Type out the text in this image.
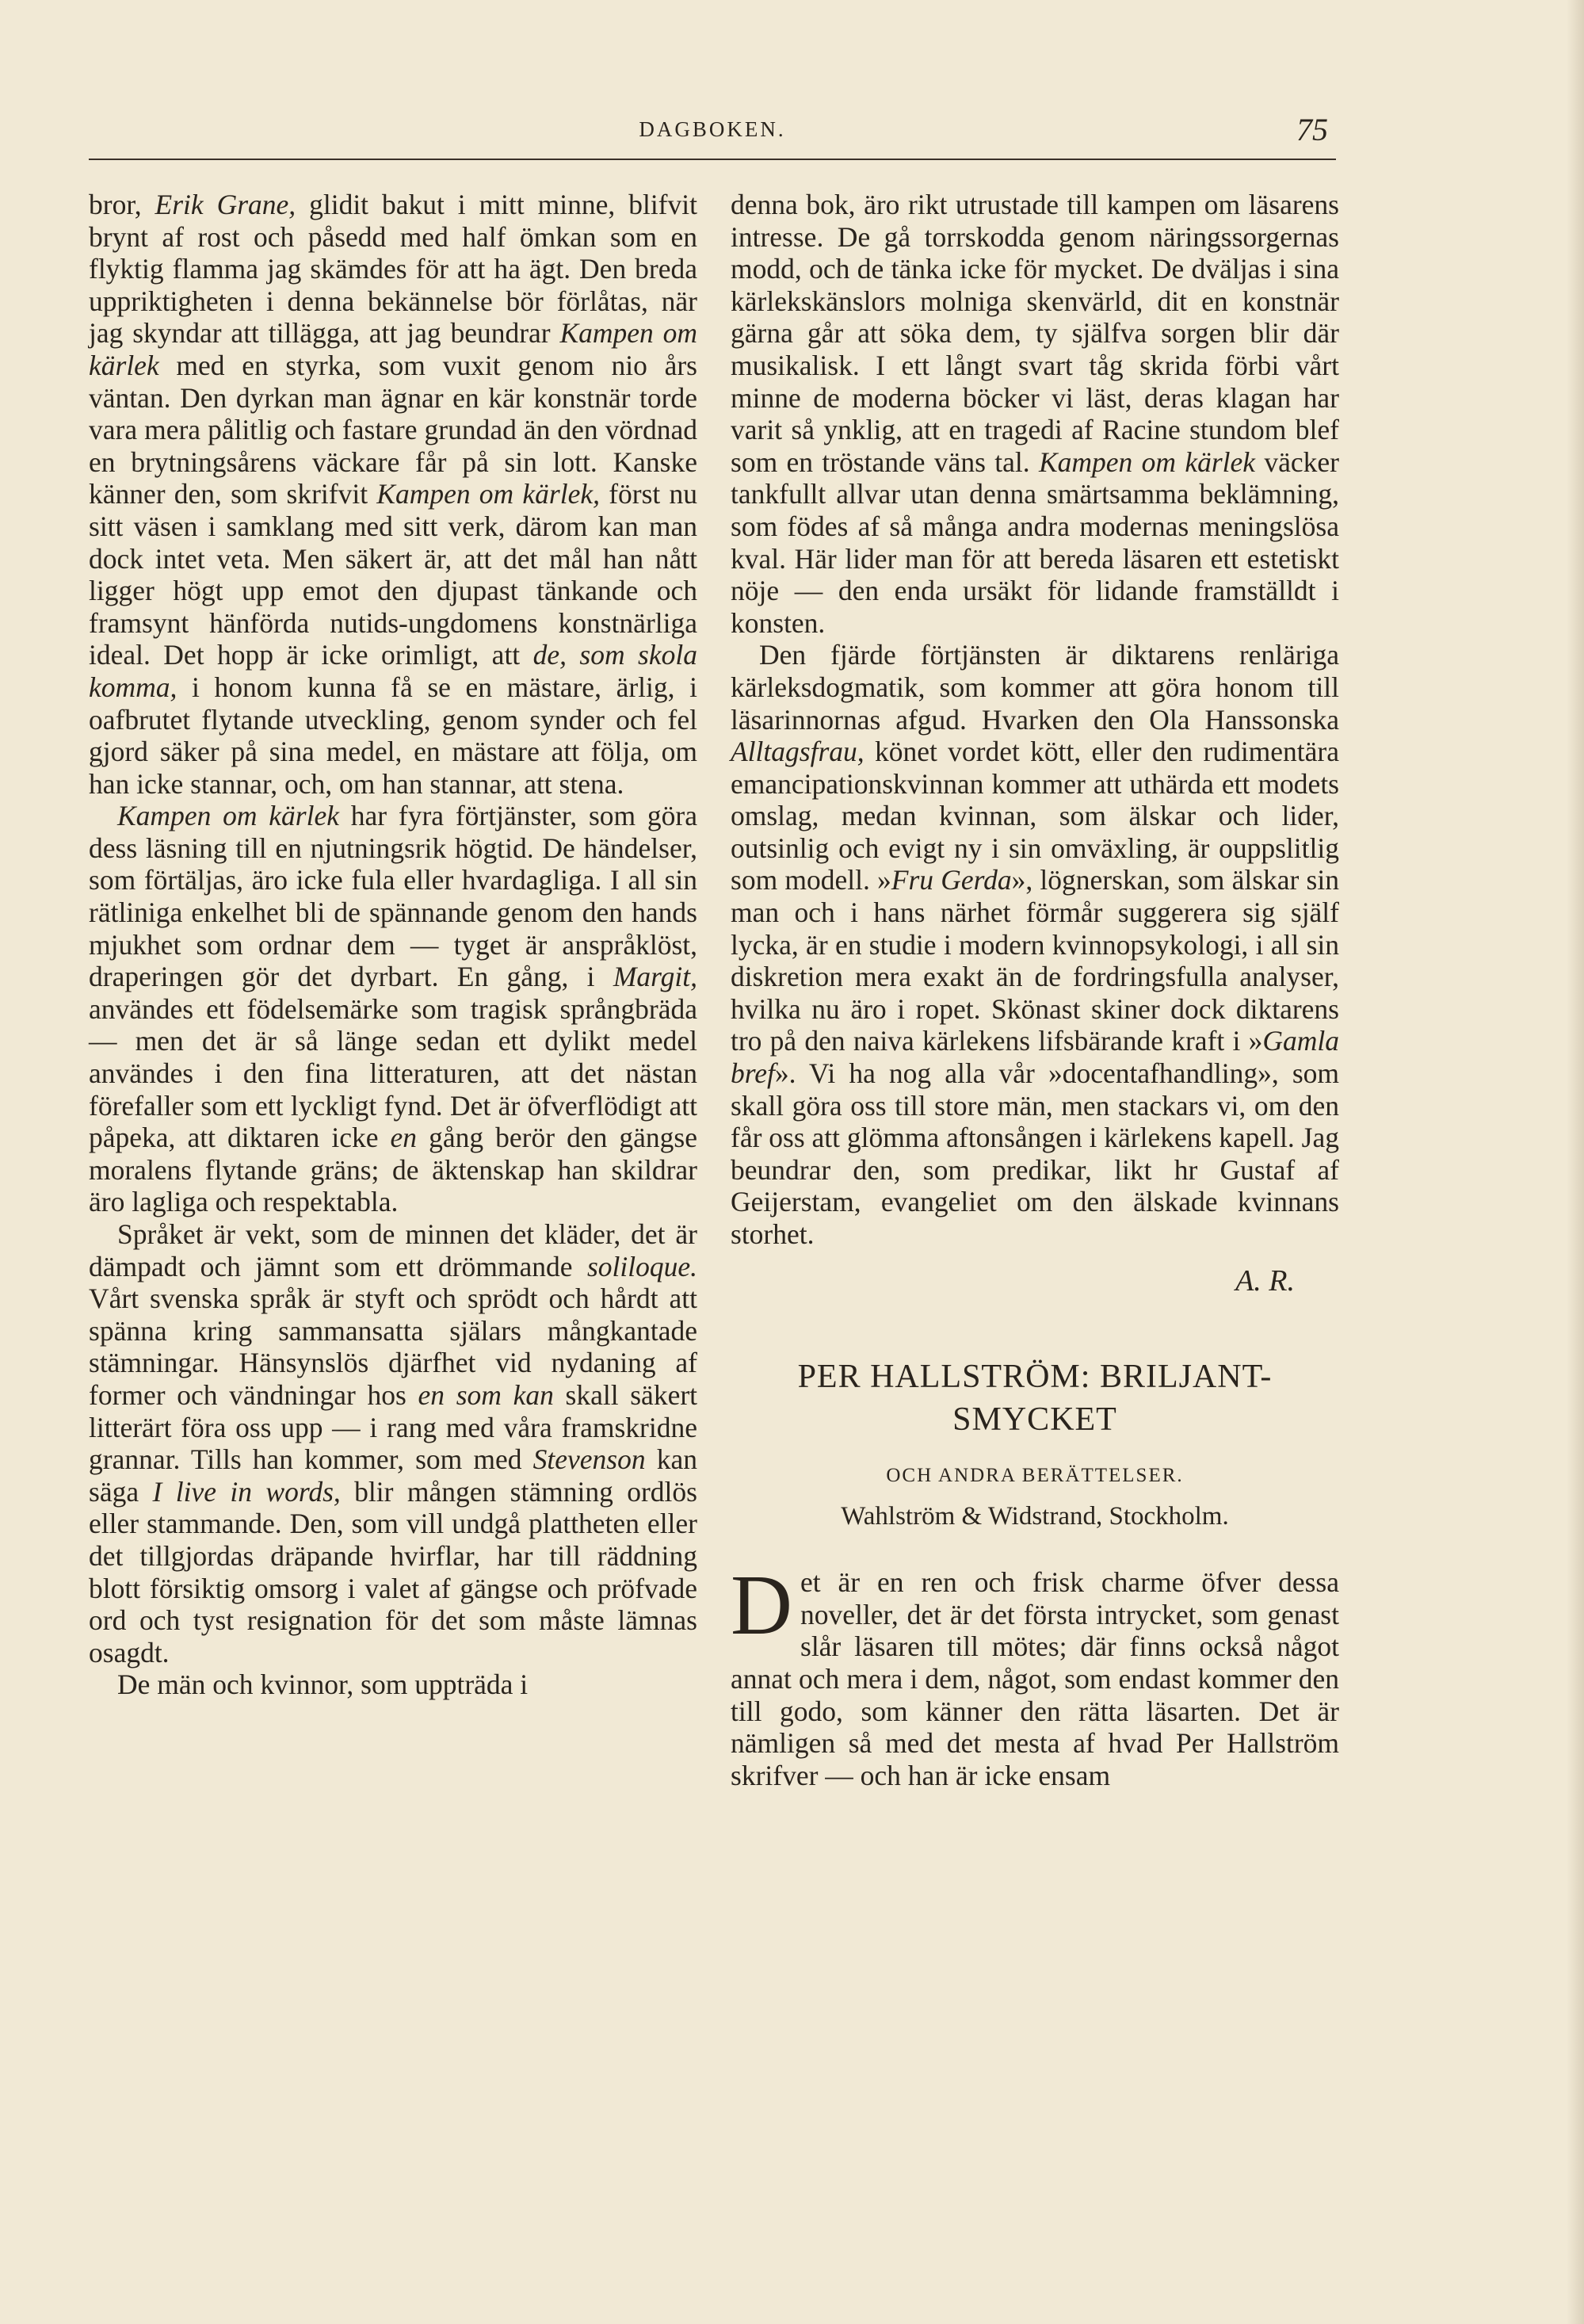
DAGBOKEN.	75

bror, Erik Grane, glidit bakut i mitt minne, blifvit brynt af rost och påsedd med half ömkan som en flyktig flamma jag skämdes för att ha ägt. Den breda uppriktigheten i denna bekännelse bör förlåtas, när jag skyndar att tillägga, att jag beundrar Kampen om kärlek med en styrka, som vuxit genom nio års väntan. Den dyrkan man ägnar en kär konstnär torde vara mera pålitlig och fastare grundad än den vördnad en brytningsårens väckare får på sin lott. Kanske känner den, som skrifvit Kampen om kärlek, först nu sitt väsen i samklang med sitt verk, därom kan man dock intet veta. Men säkert är, att det mål han nått ligger högt upp emot den djupast tänkande och framsynt hänförda nutids-ungdomens konstnärliga ideal. Det hopp är icke orimligt, att de, som skola komma, i honom kunna få se en mästare, ärlig, i oafbrutet flytande utveckling, genom synder och fel gjord säker på sina medel, en mästare att följa, om han icke stannar, och, om han stannar, att stena.

Kampen om kärlek har fyra förtjänster, som göra dess läsning till en njutningsrik högtid. De händelser, som förtäljas, äro icke fula eller hvardagliga. I all sin rätliniga enkelhet bli de spännande genom den hands mjukhet som ordnar dem — tyget är anspråklöst, draperingen gör det dyrbart. En gång, i Margit, användes ett födelsemärke som tragisk språngbräda — men det är så länge sedan ett dylikt medel användes i den fina litteraturen, att det nästan förefaller som ett lyckligt fynd. Det är öfverflödigt att påpeka, att diktaren icke en gång berör den gängse moralens flytande gräns; de äktenskap han skildrar äro lagliga och respektabla.

Språket är vekt, som de minnen det kläder, det är dämpadt och jämnt som ett drömmande soliloque. Vårt svenska språk är styft och sprödt och hårdt att spänna kring sammansatta själars mångkantade stämningar. Hänsynslös djärfhet vid nydaning af former och vändningar hos en som kan skall säkert litterärt föra oss upp — i rang med våra framskridne grannar. Tills han kommer, som med Stevenson kan säga I live in words, blir mången stämning ordlös eller stammande. Den, som vill undgå plattheten eller det tillgjordas dräpande hvirflar, har till räddning blott försiktig omsorg i valet af gängse och pröfvade ord och tyst resignation för det som måste lämnas osagdt.

De män och kvinnor, som uppträda i

denna bok, äro rikt utrustade till kampen om läsarens intresse. De gå torrskodda genom näringssorgernas modd, och de tänka icke för mycket. De dväljas i sina kärlekskänslors molniga skenvärld, dit en konstnär gärna går att söka dem, ty själfva sorgen blir där musikalisk. I ett långt svart tåg skrida förbi vårt minne de moderna böcker vi läst, deras klagan har varit så ynklig, att en tragedi af Racine stundom blef som en tröstande väns tal. Kampen om kärlek väcker tankfullt allvar utan denna smärtsamma beklämning, som födes af så många andra modernas meningslösa kval. Här lider man för att bereda läsaren ett estetiskt nöje — den enda ursäkt för lidande framställdt i konsten.

Den fjärde förtjänsten är diktarens renläriga kärleksdogmatik, som kommer att göra honom till läsarinnornas afgud. Hvarken den Ola Hanssonska Alltagsfrau, könet vordet kött, eller den rudimentära emancipationskvinnan kommer att uthärda ett modets omslag, medan kvinnan, som älskar och lider, outsinlig och evigt ny i sin omväxling, är ouppslitlig som modell. »Fru Gerda», lögnerskan, som älskar sin man och i hans närhet förmår suggerera sig själf lycka, är en studie i modern kvinnopsykologi, i all sin diskretion mera exakt än de fordringsfulla analyser, hvilka nu äro i ropet. Skönast skiner dock diktarens tro på den naiva kärlekens lifsbärande kraft i »Gamla bref». Vi ha nog alla vår »docentafhandling», som skall göra oss till store män, men stackars vi, om den får oss att glömma aftonsången i kärlekens kapell. Jag beundrar den, som predikar, likt hr Gustaf af Geijerstam, evangeliet om den älskade kvinnans storhet.

A. R.

PER HALLSTRÖM: BRILJANT-SMYCKET

OCH ANDRA BERÄTTELSER.

Wahlström & Widstrand, Stockholm.

Det är en ren och frisk charme öfver dessa noveller, det är det första intrycket, som genast slår läsaren till mötes; där finns också något annat och mera i dem, något, som endast kommer den till godo, som känner den rätta läsarten. Det är nämligen så med det mesta af hvad Per Hallström skrifver — och han är icke ensam
